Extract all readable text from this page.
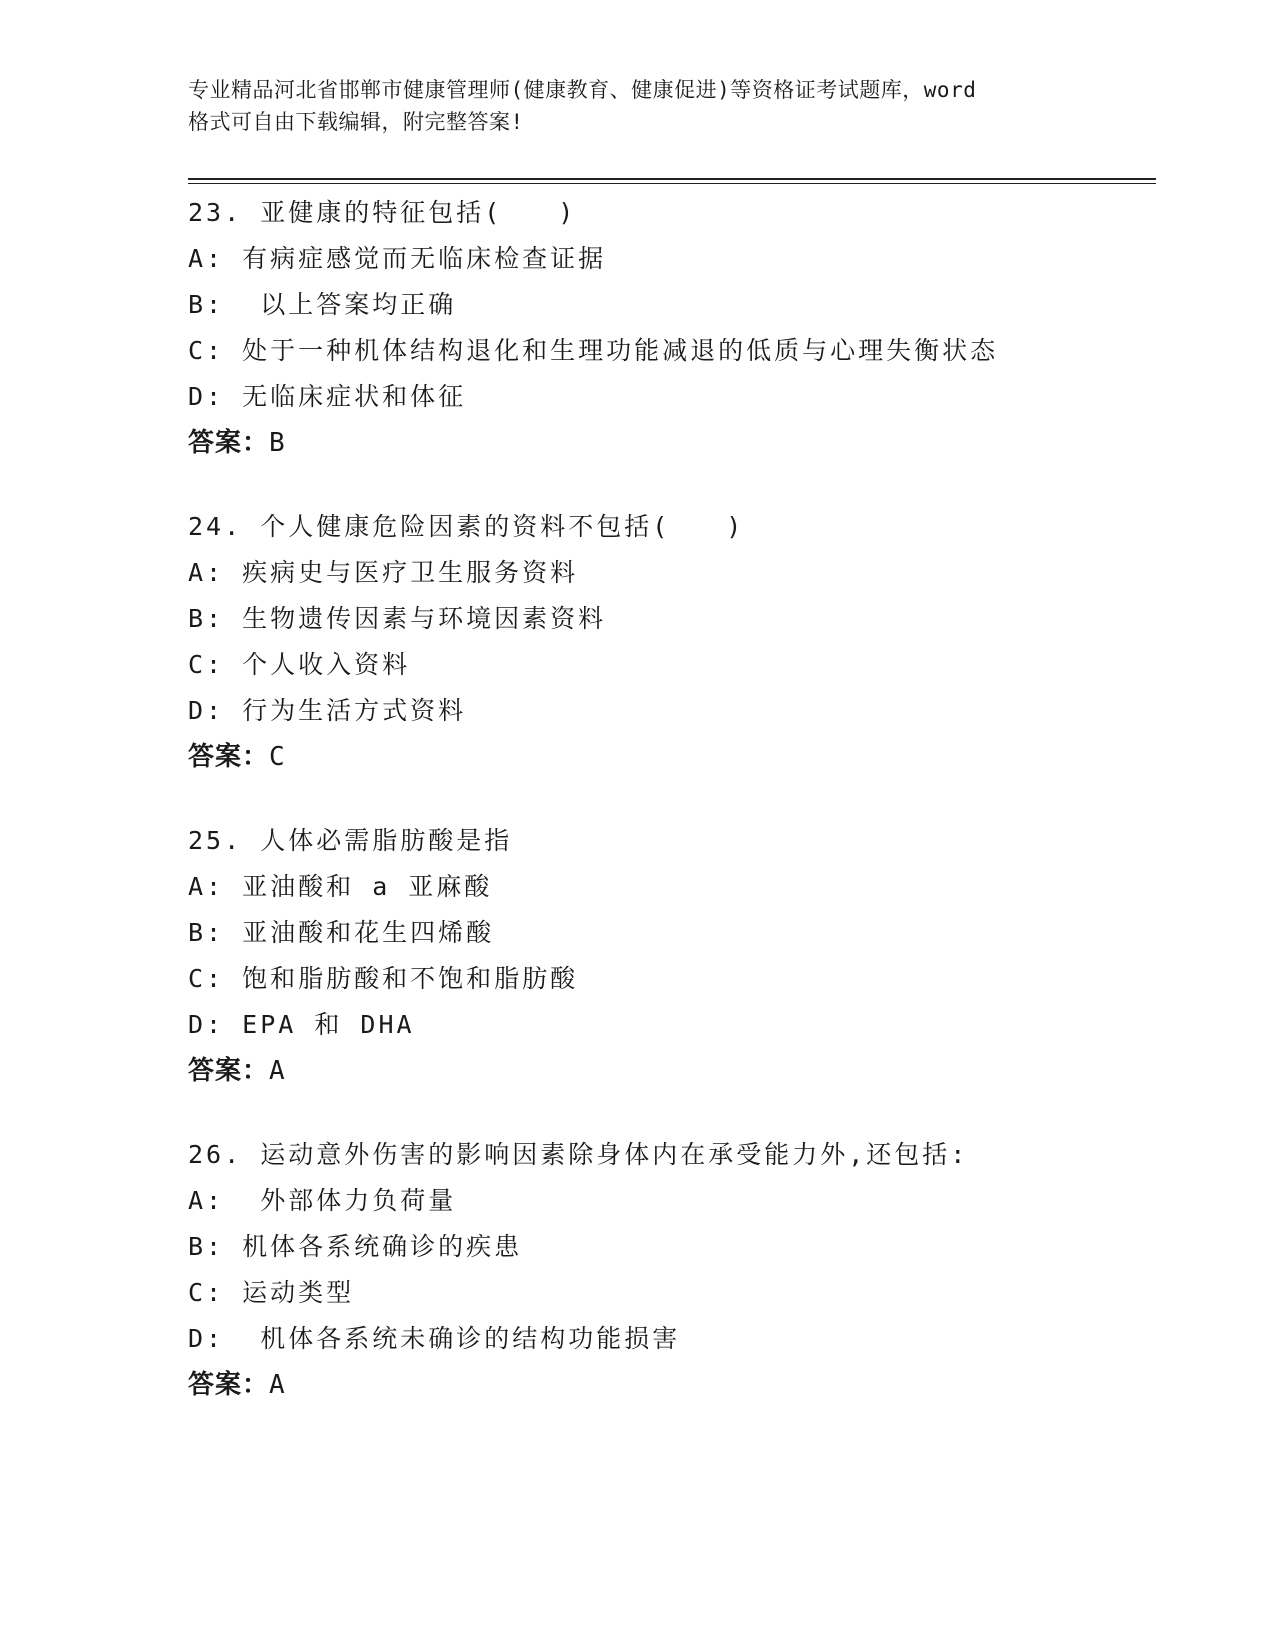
专业精品河北省邯郸市健康管理师(健康教育、健康促进)等资格证考试题库，word
格式可自由下载编辑，附完整答案!
23. 亚健康的特征包括(　　)
A: 有病症感觉而无临床检查证据
B:  以上答案均正确
C: 处于一种机体结构退化和生理功能减退的低质与心理失衡状态
D: 无临床症状和体征
答案：B
24. 个人健康危险因素的资料不包括(　　)
A: 疾病史与医疗卫生服务资料
B: 生物遗传因素与环境因素资料
C: 个人收入资料
D: 行为生活方式资料
答案：C
25. 人体必需脂肪酸是指
A: 亚油酸和 a 亚麻酸
B: 亚油酸和花生四烯酸
C: 饱和脂肪酸和不饱和脂肪酸
D: EPA 和 DHA
答案：A
26. 运动意外伤害的影响因素除身体内在承受能力外,还包括:
A:  外部体力负荷量
B: 机体各系统确诊的疾患
C: 运动类型
D:  机体各系统未确诊的结构功能损害
答案：A
